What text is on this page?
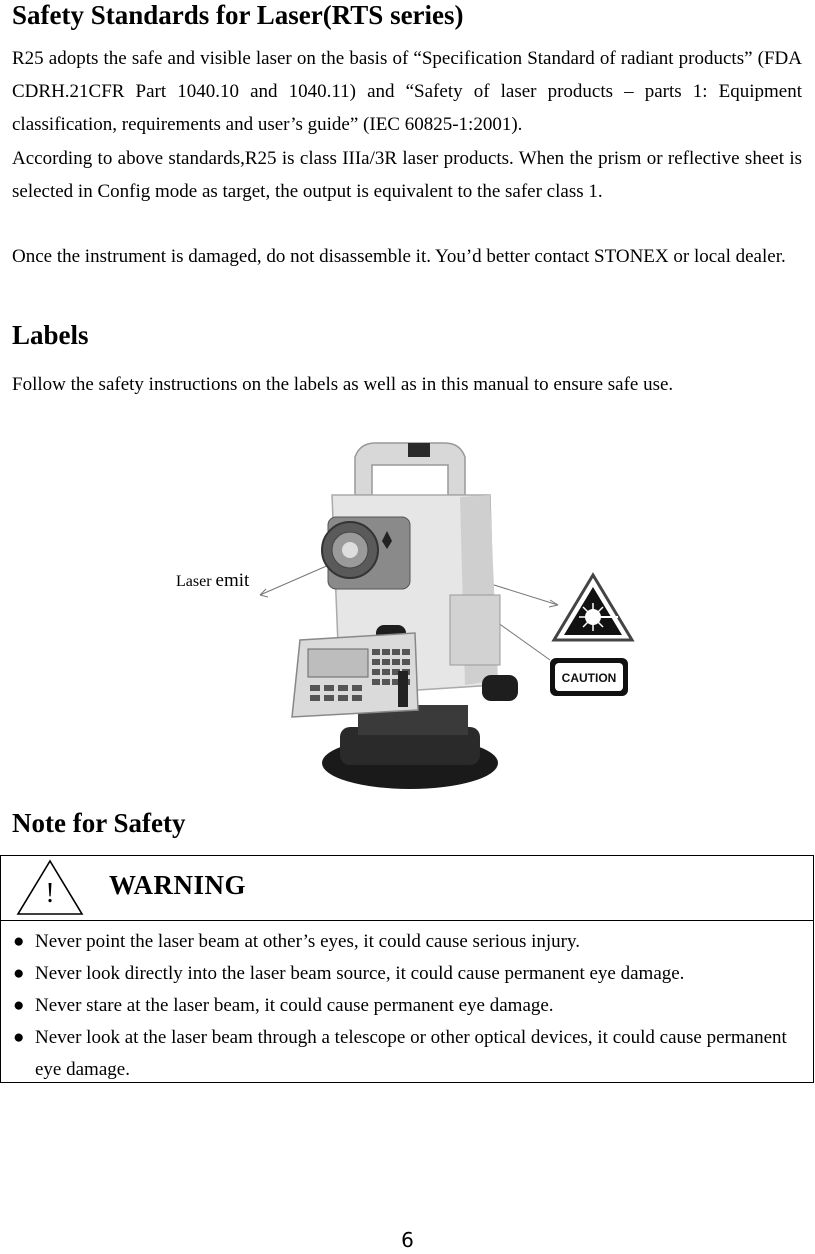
Safety Standards for Laser(RTS series)

R25 adopts the safe and visible laser on the basis of “Specification Standard of radiant products” (FDA CDRH.21CFR Part 1040.10 and 1040.11) and “Safety of laser products – parts 1: Equipment classification, requirements and user’s guide” (IEC 60825-1:2001).

According to above standards,R25 is class IIIa/3R laser products. When the prism or reflective sheet is selected in Config mode as target, the output is equivalent to the safer class 1.

Once the instrument is damaged, do not disassemble it. You’d better contact STONEX or local dealer.

Labels

Follow the safety instructions on the labels as well as in this manual to ensure safe use.

Laser emit
CAUTION
Note for Safety
! WARNING
● Never point the laser beam at other’s eyes, it could cause serious injury.
● Never look directly into the laser beam source, it could cause permanent eye damage.
● Never stare at the laser beam, it could cause permanent eye damage.
● Never look at the laser beam through a telescope or other optical devices, it could cause permanent eye damage.
6
